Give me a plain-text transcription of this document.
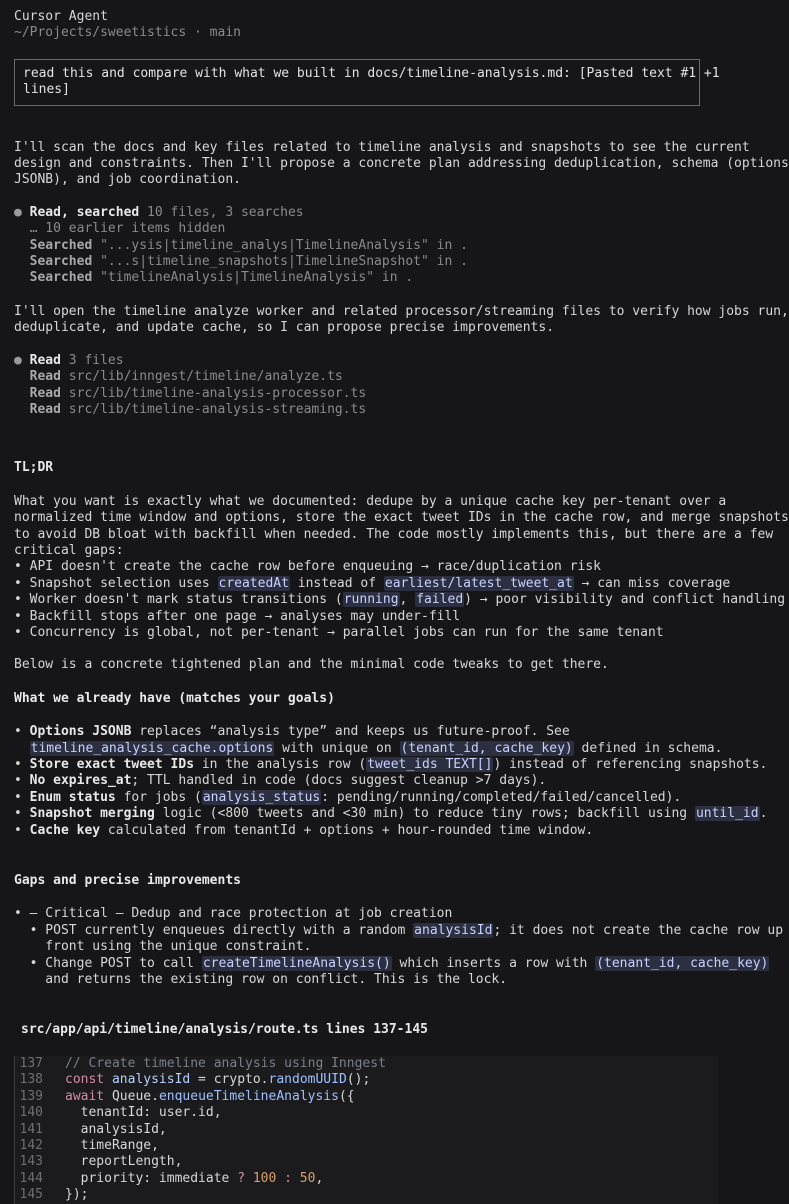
Cursor Agent
~/Projects/sweetistics · main
read this and compare with what we built in docs/timeline-analysis.md: [Pasted text #1 +1
lines]
I'll scan the docs and key files related to timeline analysis and snapshots to see the current
design and constraints. Then I'll propose a concrete plan addressing deduplication, schema (options
JSONB), and job coordination.
● Read, searched 10 files, 3 searches
… 10 earlier items hidden
Searched "...ysis|timeline_analys|TimelineAnalysis" in .
Searched "...s|timeline_snapshots|TimelineSnapshot" in .
Searched "timelineAnalysis|TimelineAnalysis" in .
I'll open the timeline analyze worker and related processor/streaming files to verify how jobs run,
deduplicate, and update cache, so I can propose precise improvements.
● Read 3 files
Read src/lib/inngest/timeline/analyze.ts
Read src/lib/timeline-analysis-processor.ts
Read src/lib/timeline-analysis-streaming.ts
TL;DR
What you want is exactly what we documented: dedupe by a unique cache key per-tenant over a
normalized time window and options, store the exact tweet IDs in the cache row, and merge snapshots
to avoid DB bloat with backfill when needed. The code mostly implements this, but there are a few
critical gaps:
• API doesn't create the cache row before enqueuing → race/duplication risk
• Snapshot selection uses createdAt instead of earliest/latest_tweet_at → can miss coverage
• Worker doesn't mark status transitions (running, failed) → poor visibility and conflict handling
• Backfill stops after one page → analyses may under-fill
• Concurrency is global, not per-tenant → parallel jobs can run for the same tenant
Below is a concrete tightened plan and the minimal code tweaks to get there.
What we already have (matches your goals)
• Options JSONB replaces “analysis type” and keeps us future-proof. See
timeline_analysis_cache.options with unique on (tenant_id, cache_key) defined in schema.
• Store exact tweet IDs in the analysis row (tweet_ids TEXT[]) instead of referencing snapshots.
• No expires_at; TTL handled in code (docs suggest cleanup >7 days).
• Enum status for jobs (analysis_status: pending/running/completed/failed/cancelled).
• Snapshot merging logic (<800 tweets and <30 min) to reduce tiny rows; backfill using until_id.
• Cache key calculated from tenantId + options + hour-rounded time window.
Gaps and precise improvements
• — Critical — Dedup and race protection at job creation
• POST currently enqueues directly with a random analysisId; it does not create the cache row up
front using the unique constraint.
• Change POST to call createTimelineAnalysis() which inserts a row with (tenant_id, cache_key)
and returns the existing row on conflict. This is the lock.
src/app/api/timeline/analysis/route.ts lines 137-145
137 // Create timeline analysis using Inngest
138 const analysisId = crypto.randomUUID();
139 await Queue.enqueueTimelineAnalysis({
140  tenantId: user.id,
141  analysisId,
142  timeRange,
143  reportLength,
144  priority: immediate ? 100 : 50,
145 });
